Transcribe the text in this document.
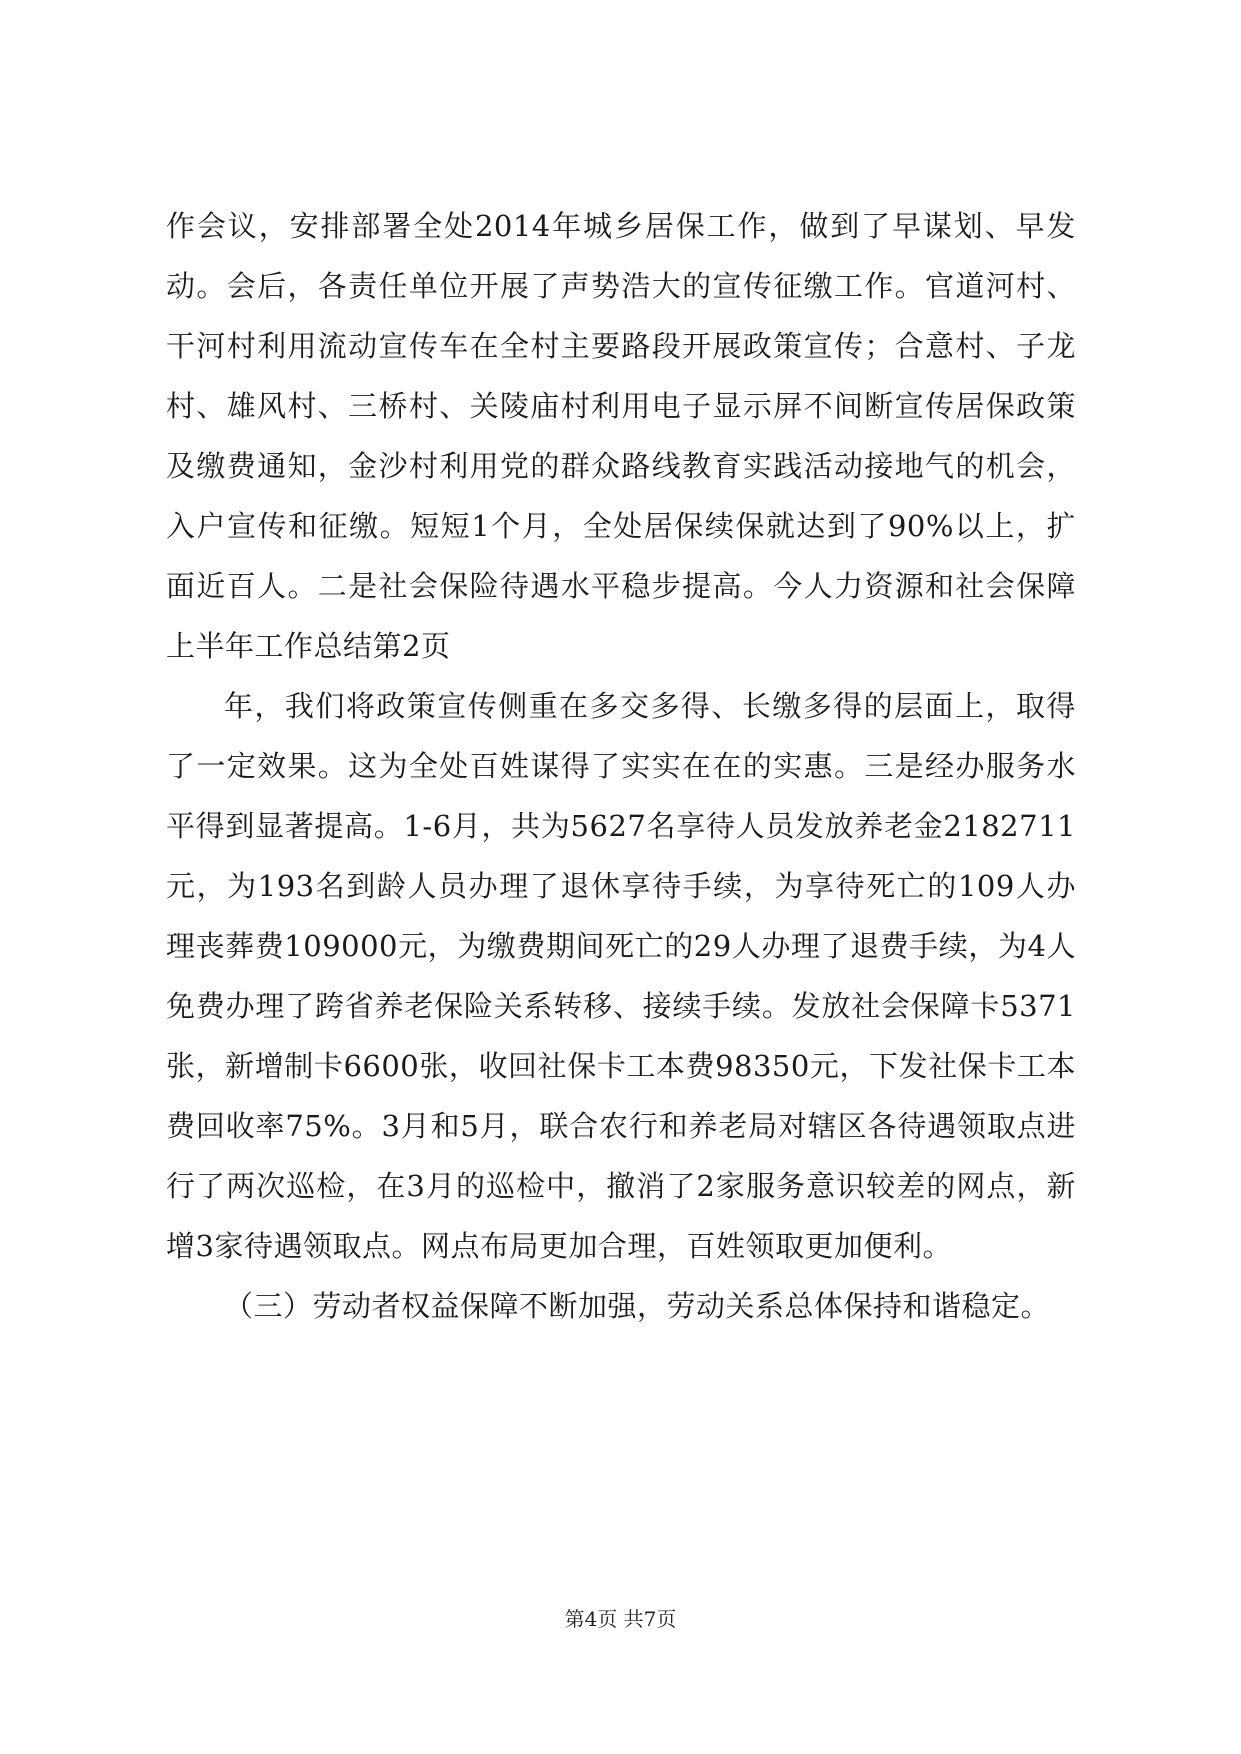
作会议，安排部署全处2014年城乡居保工作，做到了早谋划、早发动。会后，各责任单位开展了声势浩大的宣传征缴工作。官道河村、干河村利用流动宣传车在全村主要路段开展政策宣传；合意村、子龙村、雄风村、三桥村、关陵庙村利用电子显示屏不间断宣传居保政策及缴费通知，金沙村利用党的群众路线教育实践活动接地气的机会，入户宣传和征缴。短短1个月，全处居保续保就达到了90%以上，扩面近百人。二是社会保险待遇水平稳步提高。今人力资源和社会保障上半年工作总结第2页

年，我们将政策宣传侧重在多交多得、长缴多得的层面上，取得了一定效果。这为全处百姓谋得了实实在在的实惠。三是经办服务水平得到显著提高。1-6月，共为5627名享待人员发放养老金2182711元，为193名到龄人员办理了退休享待手续，为享待死亡的109人办理丧葬费109000元，为缴费期间死亡的29人办理了退费手续，为4人免费办理了跨省养老保险关系转移、接续手续。发放社会保障卡5371张，新增制卡6600张，收回社保卡工本费98350元，下发社保卡工本费回收率75%。3月和5月，联合农行和养老局对辖区各待遇领取点进行了两次巡检，在3月的巡检中，撤消了2家服务意识较差的网点，新增3家待遇领取点。网点布局更加合理，百姓领取更加便利。

（三）劳动者权益保障不断加强，劳动关系总体保持和谐稳定。

第4页 共7页
